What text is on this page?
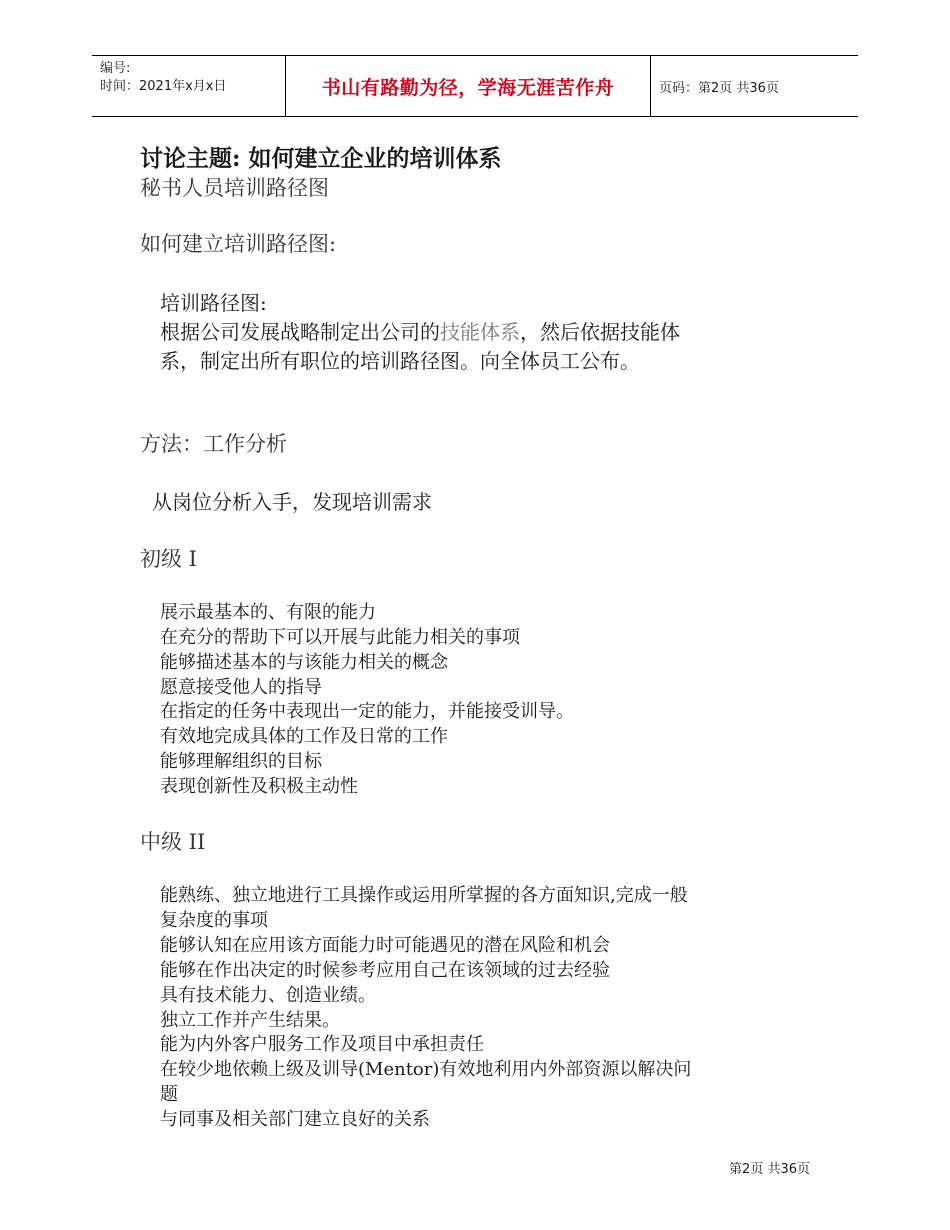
编号:
时间：2021年x月x日	书山有路勤为径，学海无涯苦作舟	页码：第2页 共36页
讨论主题: 如何建立企业的培训体系
秘书人员培训路径图
如何建立培训路径图:
培训路径图:
根据公司发展战略制定出公司的技能体系，然后依据技能体
系，制定出所有职位的培训路径图。向全体员工公布。
方法：工作分析
从岗位分析入手，发现培训需求
初级 I
展示最基本的、有限的能力
在充分的帮助下可以开展与此能力相关的事项
能够描述基本的与该能力相关的概念
愿意接受他人的指导
在指定的任务中表现出一定的能力，并能接受训导。
有效地完成具体的工作及日常的工作
能够理解组织的目标
表现创新性及积极主动性
中级 II
能熟练、独立地进行工具操作或运用所掌握的各方面知识,完成一般
复杂度的事项
能够认知在应用该方面能力时可能遇见的潜在风险和机会
能够在作出决定的时候参考应用自己在该领域的过去经验
具有技术能力、创造业绩。
独立工作并产生结果。
能为内外客户服务工作及项目中承担责任
在较少地依赖上级及训导(Mentor)有效地利用内外部资源以解决问
题
与同事及相关部门建立良好的关系
第2页 共36页
